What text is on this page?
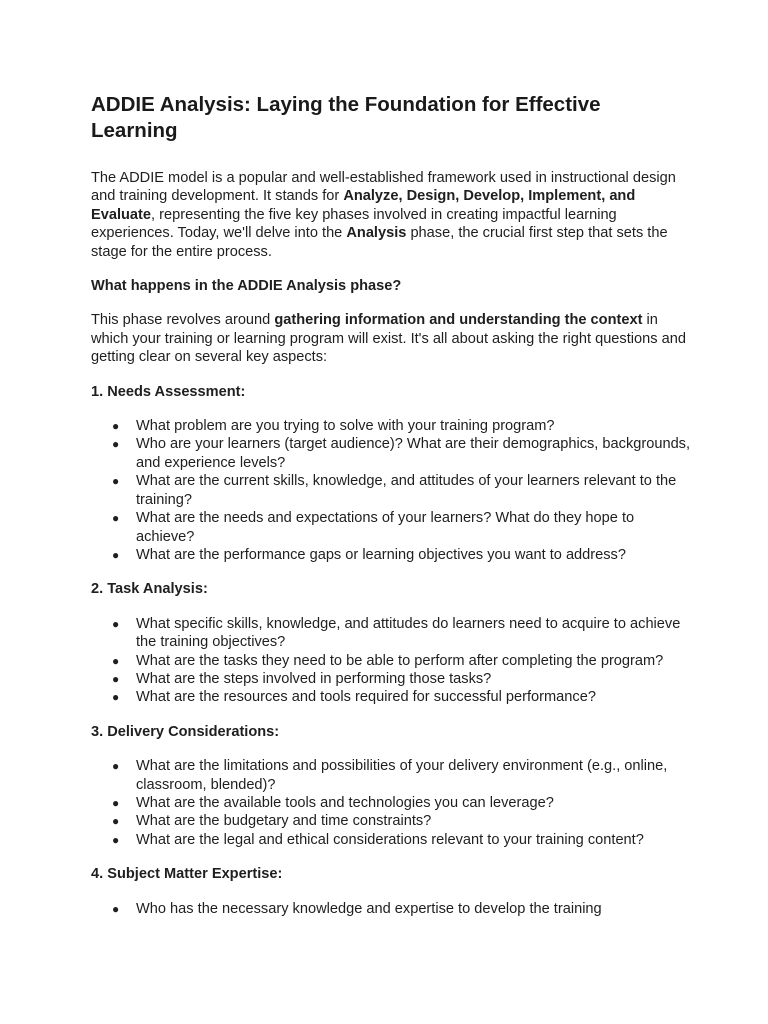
ADDIE Analysis: Laying the Foundation for Effective Learning

The ADDIE model is a popular and well-established framework used in instructional design and training development. It stands for Analyze, Design, Develop, Implement, and Evaluate, representing the five key phases involved in creating impactful learning experiences. Today, we'll delve into the Analysis phase, the crucial first step that sets the stage for the entire process.

What happens in the ADDIE Analysis phase?

This phase revolves around gathering information and understanding the context in which your training or learning program will exist. It's all about asking the right questions and getting clear on several key aspects:

1. Needs Assessment:

● What problem are you trying to solve with your training program?
● Who are your learners (target audience)? What are their demographics, backgrounds, and experience levels?
● What are the current skills, knowledge, and attitudes of your learners relevant to the training?
● What are the needs and expectations of your learners? What do they hope to achieve?
● What are the performance gaps or learning objectives you want to address?

2. Task Analysis:

● What specific skills, knowledge, and attitudes do learners need to acquire to achieve the training objectives?
● What are the tasks they need to be able to perform after completing the program?
● What are the steps involved in performing those tasks?
● What are the resources and tools required for successful performance?

3. Delivery Considerations:

● What are the limitations and possibilities of your delivery environment (e.g., online, classroom, blended)?
● What are the available tools and technologies you can leverage?
● What are the budgetary and time constraints?
● What are the legal and ethical considerations relevant to your training content?

4. Subject Matter Expertise:

● Who has the necessary knowledge and expertise to develop the training
